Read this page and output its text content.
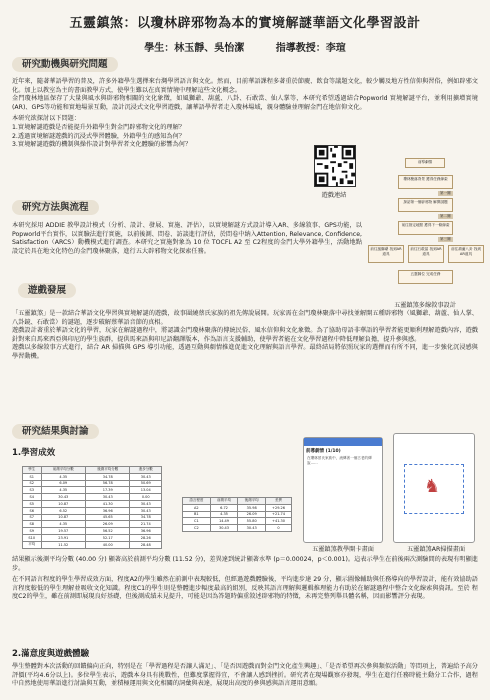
五靈鎮煞：以瓊林辟邪物為本的實境解謎華語文化學習設計
學生：林玉靜、吳怡潔	指導教授：李瑄
研究動機與研究問題

近年來，隨著華語學習的普及，許多外籍學生選擇來台灣學習語言與文化。然而，目前華語課程多著重於節慶、飲食等議題文化，較少觸及地方性信仰與習俗，例如辟邪文化。加上以教室為主的書面教學方式，使學生難以在真實情境中理解這些文化概念。

金門瓊林地區保存了大量與風水與辟邪物相關的文化象徵，如風獅爺、葫蘆、八卦、石敢當、仙人掌等，本研究希望透過結合Popworld 實境解謎平台，並利用擴增實境(AR)、GPS等功能和實地場景互動，設計沉浸式文化學習遊戲，讓華語學習者走入瓊林場域，親身體驗並理解金門在地信仰文化。

本研究欲探討以下問題：

1.實境解謎遊戲是否能提升外籍學生對金門辟邪物文化的理解？

2.透過實境解謎遊戲的沉浸式學習體驗，外籍學生的感知為何？

3.實境解謎遊戲的機制與操作設計對學習者文化體驗的影響為何？

遊戲連結
研究方法與流程
本研究採用 ADDIE 教學設計模式（分析、設計、發展、實施、評估），以實境解謎方式設計導入AR、多線敘事、GPS功能，以Popworld平台實作，以實驗法進行實施，以前後測、問卷、訪談進行評估，於問卷中納入Attention, Relevance, Confidence, Satisfaction（ARCS）動機模式進行調查。本研究之實施對象為 10 位 TOCFL A2 至 C2程度的金門大學外籍學生，活動地點設定於具在地文化特色的金門瓊林聚落，進行五大辟邪物文化探索任務。
前導劇情
瓊林聚落背景 獲得任務線索
第一關
探訪第一個辟邪物 解開謎題
第二關
前往指定地點 獲得下一條線索
第三關
前往風獅爺 找到AR道具
前往石敢當 找到AR道具
前往葫蘆八卦 找到AR道具
五靈歸位 完成任務
五靈鎮煞多線敘事設計
遊戲發展

「五靈鎮煞」是一款結合華語文化學習與實境解謎的遊戲，故事圍繞蔡氏家族的祖先傳說展開。玩家需在金門瓊林聚落中尋找並解開五種辟邪物（風獅爺、葫蘆、仙人掌、八卦鏡、石敢當）的謎題，逐步破解蔡華語音節的真相。

遊戲設計著重於華語文化的學習，玩家在解謎過程中，將認識金門瓊林聚落的傳統民俗、風水信仰與文化象徵。為了協助母語非華語的學習者能更順利理解遊戲內容，遊戲針對來自馬來西亞與印尼的學生族群，提供馬來語與印尼語翻譯版本，作為語言支援輔助，使學習者能在文化學習過程中降低理解負擔，提升參與感。

遊戲以多線敘事方式進行，結合 AR 掃描與 GPS 導引功能，透過互動與劇情推進促進文化理解與語言學習。最終結局將依照玩家的選擇而有所不同，進一步強化沉浸感與學習動機。

研究結果與討論
1.學習成效
學生	前測平均分數	後測平均分數	進步分數
S1	4.35	34.78	30.43
S2	6.09	56.78	50.69
S3	4.35	17.39	13.04
S4	30.43	30.43	0.00
S5	10.87	41.30	30.43
S6	6.52	36.96	30.43
S7	10.87	45.65	34.78
S8	4.35	26.09	21.74
S9	19.57	56.52	36.96
S10	23.91	52.17	28.26
平均	11.52	40.00	28.48
語言程度	前測平均	後測平均	差異
A2	6.72	35.98	+29.26
B1	4.35	26.09	+21.74
C1	14.49	55.80	+41.30
C2	30.43	30.43	0
前導劇情 (1/10)
在瓊林蔡氏家族中，流傳著一個古老的傳說……
♞
五靈鎮煞教學開卡畫面	五靈鎮煞AR掃描畫面

結果顯示後測平均分數 (40.00 分) 顯著高於前測平均分數 (11.52 分)，差異達到統計顯著水準 (p＝0.00024，p＜0.001)。這表示學生在前後兩次測驗間的表現有明顯進步。

在不同語言程度的學生學習成效方面，程度A2的學生雖然在前測中表現較低，但經過遊戲體驗後，平均進步達 29 分，顯示圖像輔助與任務導向的學習設計，能有效協助語言程度較低的學生理解並吸收文化知識。程度C1的學生則是整體進步幅度最高的組別，反映其語言理解與邏輯推理能力有助於在解謎過程中整合文化線索與資訊。至於 程度C2的學生，雖在前測即展現良好基礎，但後測成績未見提升，可能是因為答題時偏重敘述辟邪物的特徵，未再完整列舉具體名稱，因而影響評分表現。

2.滿意度與遊戲體驗
學生整體對本次活動的回饋偏向正向，特別是在「學習過程是否讓人滿足」、「是否因遊戲而對金門文化產生興趣」、「是否希望再次參與類似活動」等問項上，普遍給予高分評價(平均4.6分以上)。多位學生表示，遊戲本身具有挑戰性，但難度掌握得宜，不會讓人感到挫折。研究者在現場觀察亦發現，學生在進行任務時能主動分工合作，過程中自然地使用華語進行討論與互動，並積極運用與文化相關的詞彙與表達，展現出高度的參與感與語言運用意願。
